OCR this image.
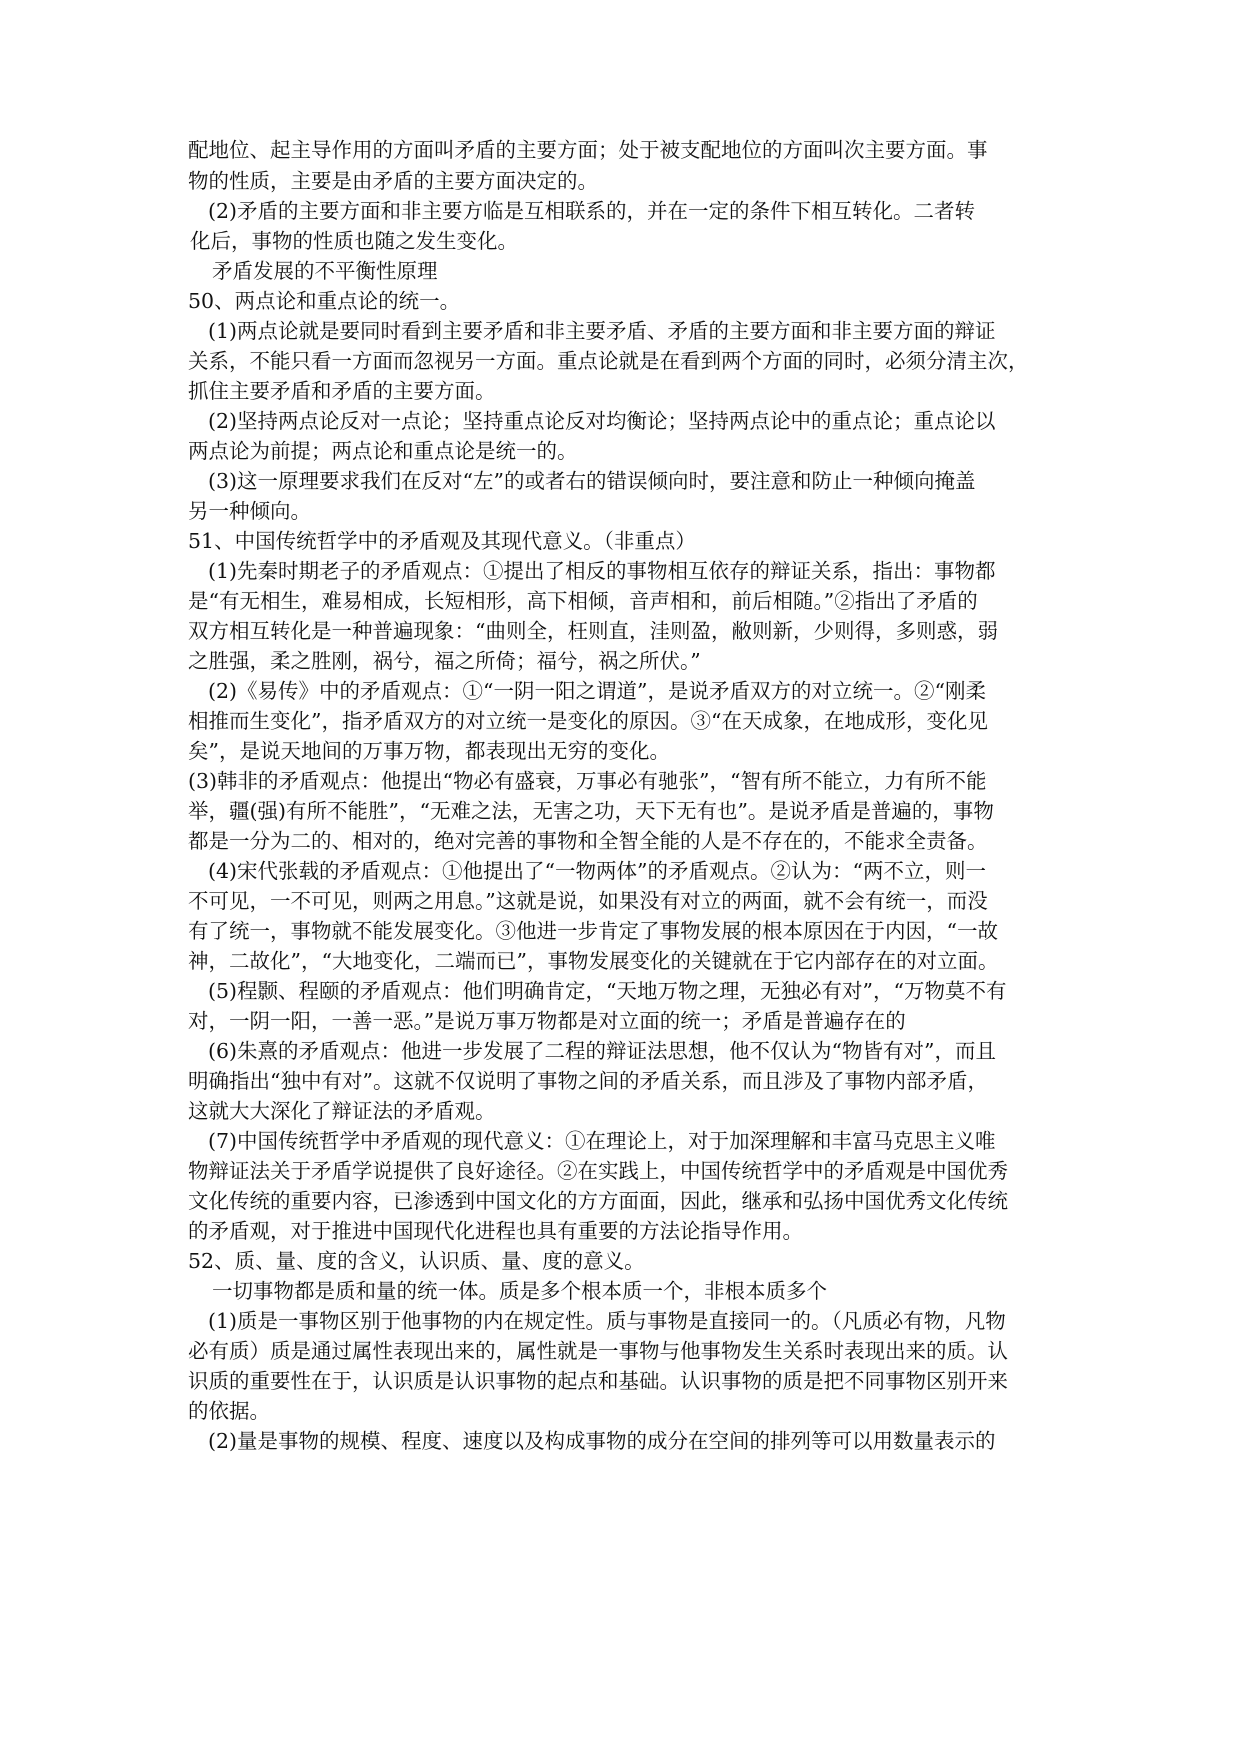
配地位、起主导作用的方面叫矛盾的主要方面；处于被支配地位的方面叫次主要方面。事
物的性质，主要是由矛盾的主要方面决定的。
(2)矛盾的主要方面和非主要方临是互相联系的，并在一定的条件下相互转化。二者转
化后，事物的性质也随之发生变化。
矛盾发展的不平衡性原理
50、两点论和重点论的统一。
(1)两点论就是要同时看到主要矛盾和非主要矛盾、矛盾的主要方面和非主要方面的辩证
关系，不能只看一方面而忽视另一方面。重点论就是在看到两个方面的同时，必须分清主次，
抓住主要矛盾和矛盾的主要方面。
(2)坚持两点论反对一点论；坚持重点论反对均衡论；坚持两点论中的重点论；重点论以
两点论为前提；两点论和重点论是统一的。
(3)这一原理要求我们在反对“左”的或者右的错误倾向时，要注意和防止一种倾向掩盖
另一种倾向。
51、中国传统哲学中的矛盾观及其现代意义。（非重点）
(1)先秦时期老子的矛盾观点：①提出了相反的事物相互依存的辩证关系，指出：事物都
是“有无相生，难易相成，长短相形，高下相倾，音声相和，前后相随。”②指出了矛盾的
双方相互转化是一种普遍现象：“曲则全，枉则直，洼则盈，敝则新，少则得，多则惑，弱
之胜强，柔之胜刚，祸兮，福之所倚；福兮，祸之所伏。”
(2)《易传》中的矛盾观点：①“一阴一阳之谓道”，是说矛盾双方的对立统一。②“刚柔
相推而生变化”，指矛盾双方的对立统一是变化的原因。③“在天成象，在地成形，变化见
矣”，是说天地间的万事万物，都表现出无穷的变化。
(3)韩非的矛盾观点：他提出“物必有盛衰，万事必有驰张”，“智有所不能立，力有所不能
举，疆(强)有所不能胜”，“无难之法，无害之功，天下无有也”。是说矛盾是普遍的，事物
都是一分为二的、相对的，绝对完善的事物和全智全能的人是不存在的，不能求全责备。
(4)宋代张载的矛盾观点：①他提出了“一物两体”的矛盾观点。②认为：“两不立，则一
不可见，一不可见，则两之用息。”这就是说，如果没有对立的两面，就不会有统一，而没
有了统一，事物就不能发展变化。③他进一步肯定了事物发展的根本原因在于内因，“一故
神，二故化”，“大地变化，二端而已”，事物发展变化的关键就在于它内部存在的对立面。
(5)程颢、程颐的矛盾观点：他们明确肯定，“天地万物之理，无独必有对”，“万物莫不有
对，一阴一阳，一善一恶。”是说万事万物都是对立面的统一；矛盾是普遍存在的
(6)朱熹的矛盾观点：他进一步发展了二程的辩证法思想，他不仅认为“物皆有对”，而且
明确指出“独中有对”。这就不仅说明了事物之间的矛盾关系，而且涉及了事物内部矛盾，
这就大大深化了辩证法的矛盾观。
(7)中国传统哲学中矛盾观的现代意义：①在理论上，对于加深理解和丰富马克思主义唯
物辩证法关于矛盾学说提供了良好途径。②在实践上，中国传统哲学中的矛盾观是中国优秀
文化传统的重要内容，已渗透到中国文化的方方面面，因此，继承和弘扬中国优秀文化传统
的矛盾观，对于推进中国现代化进程也具有重要的方法论指导作用。
52、质、量、度的含义，认识质、量、度的意义。
一切事物都是质和量的统一体。质是多个根本质一个，非根本质多个
(1)质是一事物区别于他事物的内在规定性。质与事物是直接同一的。（凡质必有物，凡物
必有质）质是通过属性表现出来的，属性就是一事物与他事物发生关系时表现出来的质。认
识质的重要性在于，认识质是认识事物的起点和基础。认识事物的质是把不同事物区别开来
的依据。
(2)量是事物的规模、程度、速度以及构成事物的成分在空间的排列等可以用数量表示的
